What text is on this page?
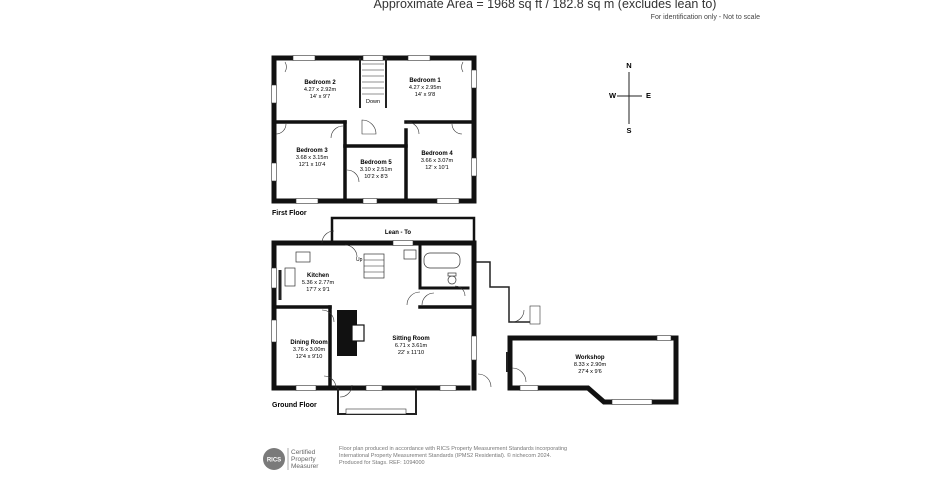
Approximate Area = 1968 sq ft / 182.8 sq m (excludes lean to)
For identification only - Not to scale
N
S
E
W
Down
Bedroom 2
4.27 x 2.92m
14' x 9'7
Bedroom 1
4.27 x 2.95m
14' x 9'8
Bedroom 3
3.68 x 3.15m
12'1 x 10'4	Bedroom 5
3.10 x 2.51m
10'2 x 8'3
Bedroom 4
3.66 x 3.07m
12' x 10'1
First Floor
Up
Lean - To
Kitchen
5.36 x 2.77m
17'7 x 9'1
Dining Room
3.76 x 3.00m
12'4 x 9'10
Sitting Room
6.71 x 3.61m
22' x 11'10
Workshop
8.33 x 2.90m
27'4 x 9'6
Ground Floor
RICS
Certified
Property
Measurer
Floor plan produced in accordance with RICS Property Measurement Standards incorporating
International Property Measurement Standards (IPMS2 Residential). © nichecom 2024.
Produced for Stags. REF: 1094000
